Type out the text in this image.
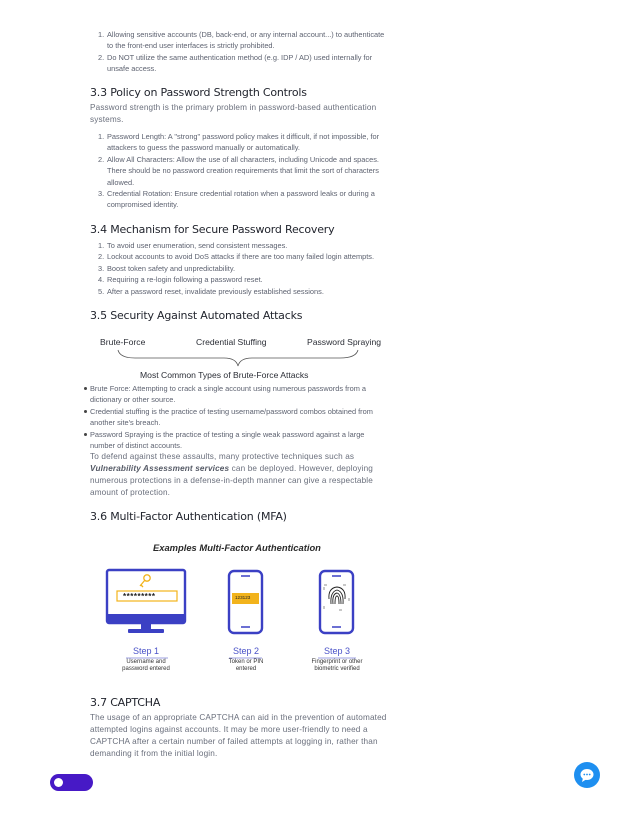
1. Allowing sensitive accounts (DB, back-end, or any internal account...) to authenticate to the front-end user interfaces is strictly prohibited.
2. Do NOT utilize the same authentication method (e.g. IDP / AD) used internally for unsafe access.
3.3 Policy on Password Strength Controls

Password strength is the primary problem in password-based authentication systems.

1. Password Length: A "strong" password policy makes it difficult, if not impossible, for attackers to guess the password manually or automatically.
2. Allow All Characters: Allow the use of all characters, including Unicode and spaces. There should be no password creation requirements that limit the sort of characters allowed.
3. Credential Rotation: Ensure credential rotation when a password leaks or during a compromised identity.
3.4 Mechanism for Secure Password Recovery
1. To avoid user enumeration, send consistent messages.
2. Lockout accounts to avoid DoS attacks if there are too many failed login attempts.
3. Boost token safety and unpredictability.
4. Requiring a re-login following a password reset.
5. After a password reset, invalidate previously established sessions.
3.5 Security Against Automated Attacks
Brute-Force	Credential Stuffing	Password Spraying
Most Common Types of Brute-Force Attacks
Brute Force: Attempting to crack a single account using numerous passwords from a dictionary or other source.
Credential stuffing is the practice of testing username/password combos obtained from another site's breach.
Password Spraying is the practice of testing a single weak password against a large number of distinct accounts.

To defend against these assaults, many protective techniques such as Vulnerability Assessment services can be deployed. However, deploying numerous protections in a defense-in-depth manner can give a respectable amount of protection.

3.6 Multi-Factor Authentication (MFA)
Examples Multi-Factor Authentication
*********	123123
Step 1
Username and
password entered
Step 2
Token or PIN
entered
Step 3
Fingerprint or other
biometric verified
3.7 CAPTCHA

The usage of an appropriate CAPTCHA can aid in the prevention of automated attempted logins against accounts. It may be more user-friendly to need a CAPTCHA after a certain number of failed attempts at logging in, rather than demanding it from the initial login.
